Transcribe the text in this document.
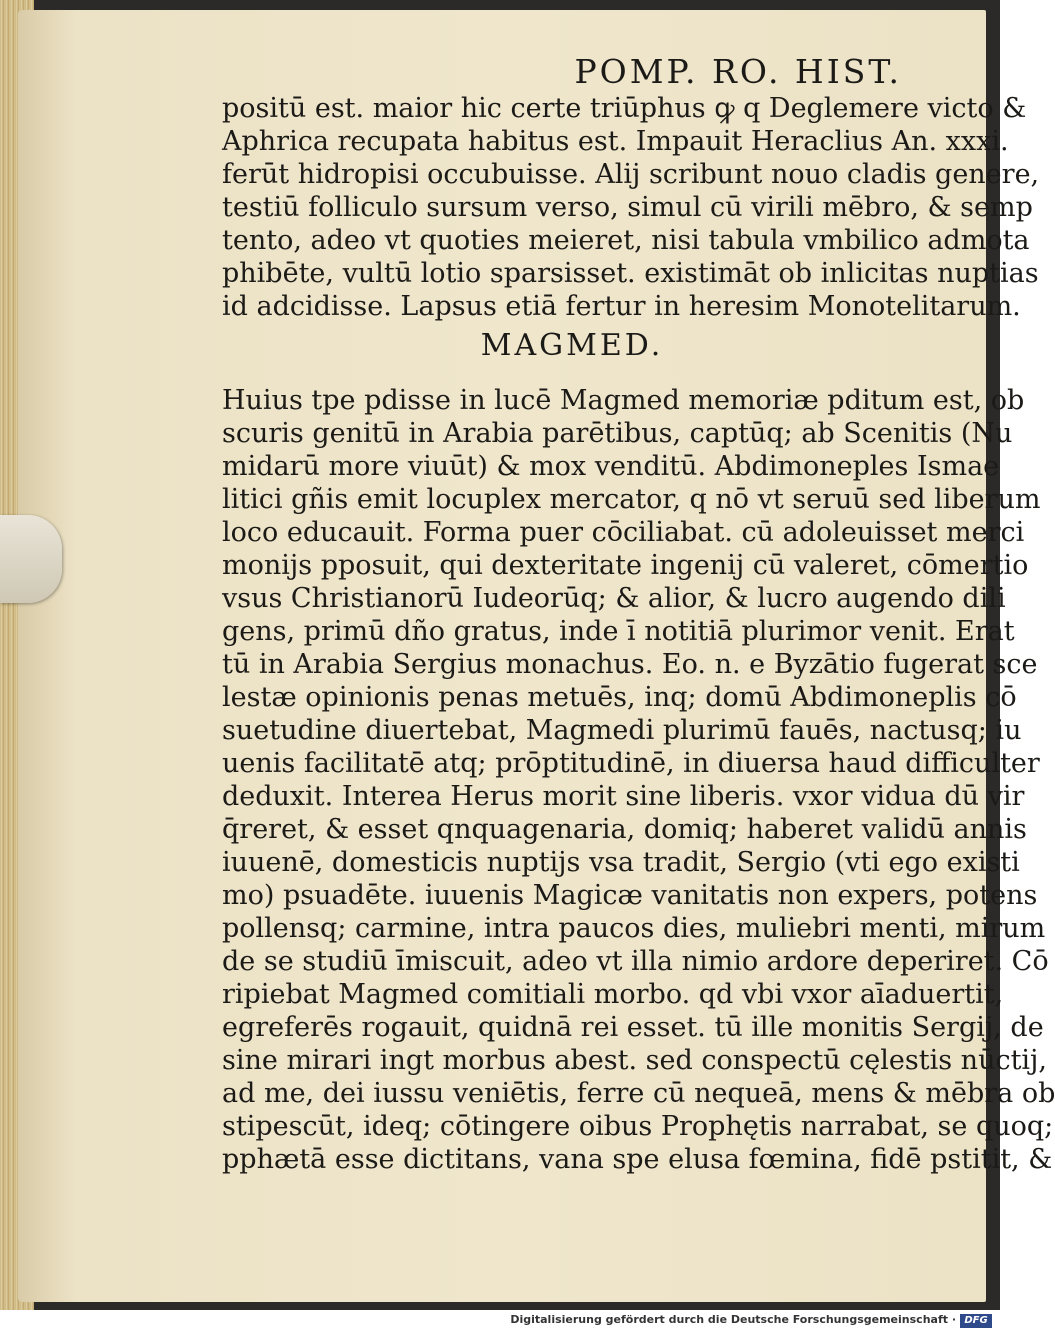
POMP. RO. HIST.
positū est. maior hic certe triūphus ꝙ q Deglemere victo &
Aphrica recupata habitus est. Impauit Heraclius An. xxxi.
ferūt hidropisi occubuisse. Alij scribunt nouo cladis genere,
testiū folliculo sursum verso, simul cū virili mēbro, & semp
tento, adeo vt quoties meieret, nisi tabula vmbilico admota
phibēte, vultū lotio sparsisset. existimāt ob inlicitas nuptias
id adcidisse. Lapsus etiā fertur in heresim Monotelitarum.
MAGMED.
Huius tpe pdisse in lucē Magmed memoriæ pditum est, ob
scuris genitū in Arabia parētibus, captūq; ab Scenitis (Nu
midarū more viuūt) & mox venditū. Abdimoneples Ismae
litici gñis emit locuplex mercator, q nō vt seruū sed liberum
loco educauit. Forma puer cōciliabat. cū adoleuisset merci
monijs pposuit, qui dexteritate ingenij cū valeret, cōmertio
vsus Christianorū Iudeorūq; & alior, & lucro augendo dili
gens, primū dño gratus, inde ī notitiā plurimor venit. Erat
tū in Arabia Sergius monachus. Eo. n. e Byzātio fugerat sce
lestæ opinionis penas metuēs, inq; domū Abdimoneplis cō
suetudine diuertebat, Magmedi plurimū fauēs, nactusq; iu
uenis facilitatē atq; prōptitudinē, in diuersa haud difficulter
deduxit. Interea Herus morit sine liberis. vxor vidua dū vir
q̄reret, & esset qnquagenaria, domiq; haberet validū annis
iuuenē, domesticis nuptijs vsa tradit, Sergio (vti ego existi
mo) psuadēte. iuuenis Magicæ vanitatis non expers, potens
pollensq; carmine, intra paucos dies, muliebri menti, mirum
de se studiū īmiscuit, adeo vt illa nimio ardore deperiret. Cō
ripiebat Magmed comitiali morbo. qd vbi vxor aīaduertit,
egreferēs rogauit, quidnā rei esset. tū ille monitis Sergij, de
sine mirari ingt morbus abest. sed conspectū cęlestis nūctij,
ad me, dei iussu veniētis, ferre cū nequeā, mens & mēbra ob
stipescūt, ideq; cōtingere oibus Prophętis narrabat, se quoq;
pphætā esse dictitans, vana spe elusa fœmina, fidē pstitit, &
Digitalisierung gefördert durch die Deutsche Forschungsgemeinschaft · DFG
